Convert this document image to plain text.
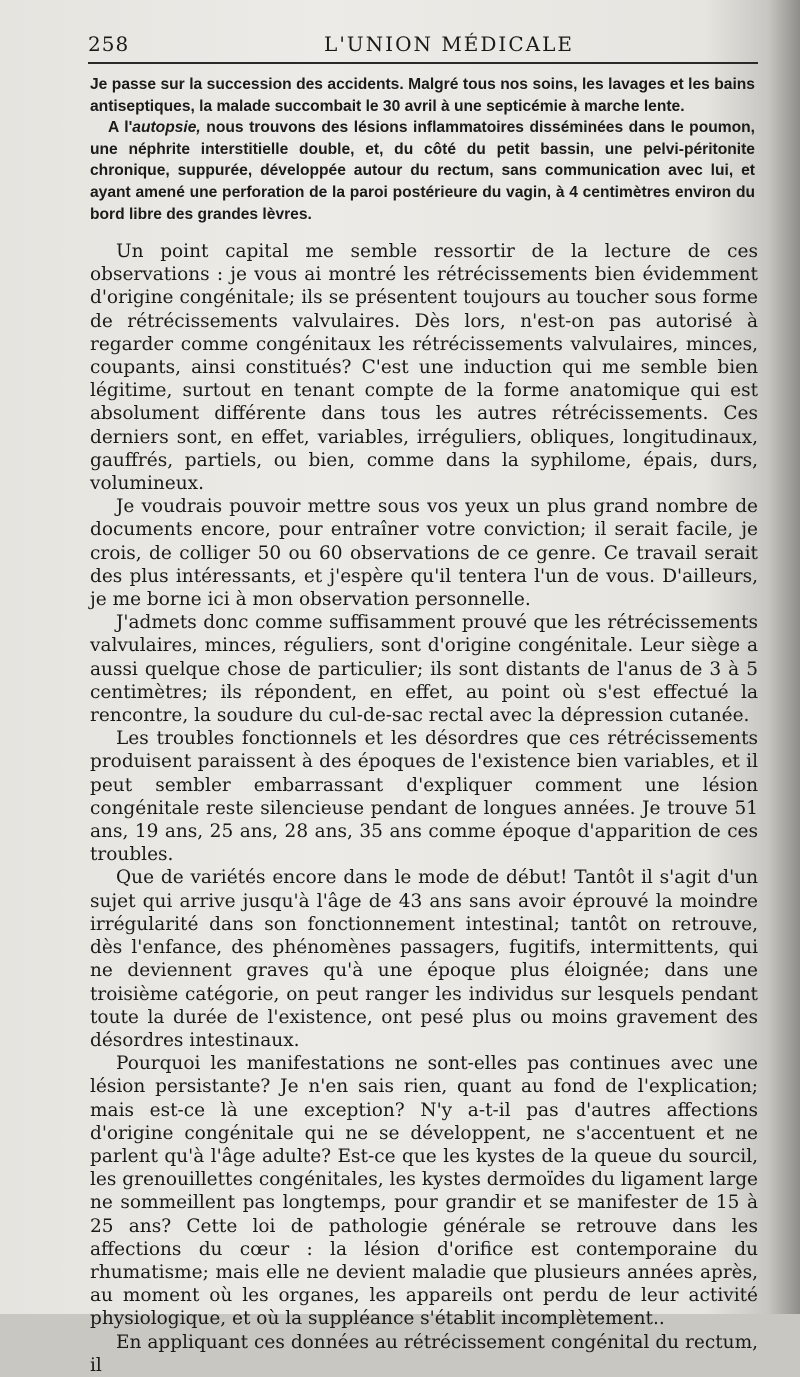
258	L'UNION MÉDICALE

Je passe sur la succession des accidents. Malgré tous nos soins, les lavages et les bains antiseptiques, la malade succombait le 30 avril à une septicémie à marche lente.

A l'autopsie, nous trouvons des lésions inflammatoires disséminées dans le poumon, une néphrite interstitielle double, et, du côté du petit bassin, une pelvi-péritonite chronique, suppurée, développée autour du rectum, sans communication avec lui, et ayant amené une perforation de la paroi postérieure du vagin, à 4 centimètres environ du bord libre des grandes lèvres.

Un point capital me semble ressortir de la lecture de ces observations : je vous ai montré les rétrécissements bien évidemment d'origine congénitale; ils se présentent toujours au toucher sous forme de rétrécissements valvulaires. Dès lors, n'est-on pas autorisé à regarder comme congénitaux les rétrécissements valvulaires, minces, coupants, ainsi constitués? C'est une induction qui me semble bien légitime, surtout en tenant compte de la forme anatomique qui est absolument différente dans tous les autres rétrécissements. Ces derniers sont, en effet, variables, irréguliers, obliques, longitudinaux, gauffrés, partiels, ou bien, comme dans la syphilome, épais, durs, volumineux.

Je voudrais pouvoir mettre sous vos yeux un plus grand nombre de documents encore, pour entraîner votre conviction; il serait facile, je crois, de colliger 50 ou 60 observations de ce genre. Ce travail serait des plus intéressants, et j'espère qu'il tentera l'un de vous. D'ailleurs, je me borne ici à mon observation personnelle.

J'admets donc comme suffisamment prouvé que les rétrécissements valvulaires, minces, réguliers, sont d'origine congénitale. Leur siège a aussi quelque chose de particulier; ils sont distants de l'anus de 3 à 5 centimètres; ils répondent, en effet, au point où s'est effectué la rencontre, la soudure du cul-de-sac rectal avec la dépression cutanée.

Les troubles fonctionnels et les désordres que ces rétrécissements produisent paraissent à des époques de l'existence bien variables, et il peut sembler embarrassant d'expliquer comment une lésion congénitale reste silencieuse pendant de longues années. Je trouve 51 ans, 19 ans, 25 ans, 28 ans, 35 ans comme époque d'apparition de ces troubles.

Que de variétés encore dans le mode de début! Tantôt il s'agit d'un sujet qui arrive jusqu'à l'âge de 43 ans sans avoir éprouvé la moindre irrégularité dans son fonctionnement intestinal; tantôt on retrouve, dès l'enfance, des phénomènes passagers, fugitifs, intermittents, qui ne deviennent graves qu'à une époque plus éloignée; dans une troisième catégorie, on peut ranger les individus sur lesquels pendant toute la durée de l'existence, ont pesé plus ou moins gravement des désordres intestinaux.

Pourquoi les manifestations ne sont-elles pas continues avec une lésion persistante? Je n'en sais rien, quant au fond de l'explication; mais est-ce là une exception? N'y a-t-il pas d'autres affections d'origine congénitale qui ne se développent, ne s'accentuent et ne parlent qu'à l'âge adulte? Est-ce que les kystes de la queue du sourcil, les grenouillettes congénitales, les kystes dermoïdes du ligament large ne sommeillent pas longtemps, pour grandir et se manifester de 15 à 25 ans? Cette loi de pathologie générale se retrouve dans les affections du cœur : la lésion d'orifice est contemporaine du rhumatisme; mais elle ne devient maladie que plusieurs années après, au moment où les organes, les appareils ont perdu de leur activité physiologique, et où la suppléance s'établit incomplètement..

En appliquant ces données au rétrécissement congénital du rectum, il
